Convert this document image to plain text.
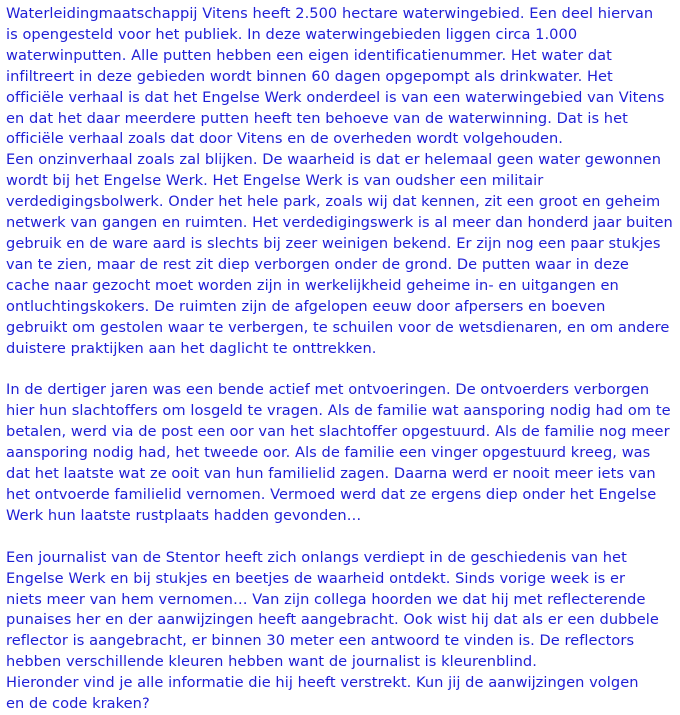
Waterleidingmaatschappij Vitens heeft 2.500 hectare waterwingebied. Een deel hiervan
is opengesteld voor het publiek. In deze waterwingebieden liggen circa 1.000
waterwinputten. Alle putten hebben een eigen identificatienummer. Het water dat
infiltreert in deze gebieden wordt binnen 60 dagen opgepompt als drinkwater. Het
officiële verhaal is dat het Engelse Werk onderdeel is van een waterwingebied van Vitens
en dat het daar meerdere putten heeft ten behoeve van de waterwinning. Dat is het
officiële verhaal zoals dat door Vitens en de overheden wordt volgehouden.
Een onzinverhaal zoals zal blijken. De waarheid is dat er helemaal geen water gewonnen
wordt bij het Engelse Werk. Het Engelse Werk is van oudsher een militair
verdedigingsbolwerk. Onder het hele park, zoals wij dat kennen, zit een groot en geheim
netwerk van gangen en ruimten. Het verdedigingswerk is al meer dan honderd jaar buiten
gebruik en de ware aard is slechts bij zeer weinigen bekend. Er zijn nog een paar stukjes
van te zien, maar de rest zit diep verborgen onder de grond. De putten waar in deze
cache naar gezocht moet worden zijn in werkelijkheid geheime in- en uitgangen en
ontluchtingskokers. De ruimten zijn de afgelopen eeuw door afpersers en boeven
gebruikt om gestolen waar te verbergen, te schuilen voor de wetsdienaren, en om andere
duistere praktijken aan het daglicht te onttrekken.

In de dertiger jaren was een bende actief met ontvoeringen. De ontvoerders verborgen
hier hun slachtoffers om losgeld te vragen. Als de familie wat aansporing nodig had om te
betalen, werd via de post een oor van het slachtoffer opgestuurd. Als de familie nog meer
aansporing nodig had, het tweede oor. Als de familie een vinger opgestuurd kreeg, was
dat het laatste wat ze ooit van hun familielid zagen. Daarna werd er nooit meer iets van
het ontvoerde familielid vernomen. Vermoed werd dat ze ergens diep onder het Engelse
Werk hun laatste rustplaats hadden gevonden…

Een journalist van de Stentor heeft zich onlangs verdiept in de geschiedenis van het
Engelse Werk en bij stukjes en beetjes de waarheid ontdekt. Sinds vorige week is er
niets meer van hem vernomen… Van zijn collega hoorden we dat hij met reflecterende
punaises her en der aanwijzingen heeft aangebracht. Ook wist hij dat als er een dubbele
reflector is aangebracht, er binnen 30 meter een antwoord te vinden is. De reflectors
hebben verschillende kleuren hebben want de journalist is kleurenblind.
Hieronder vind je alle informatie die hij heeft verstrekt. Kun jij de aanwijzingen volgen
en de code kraken?
